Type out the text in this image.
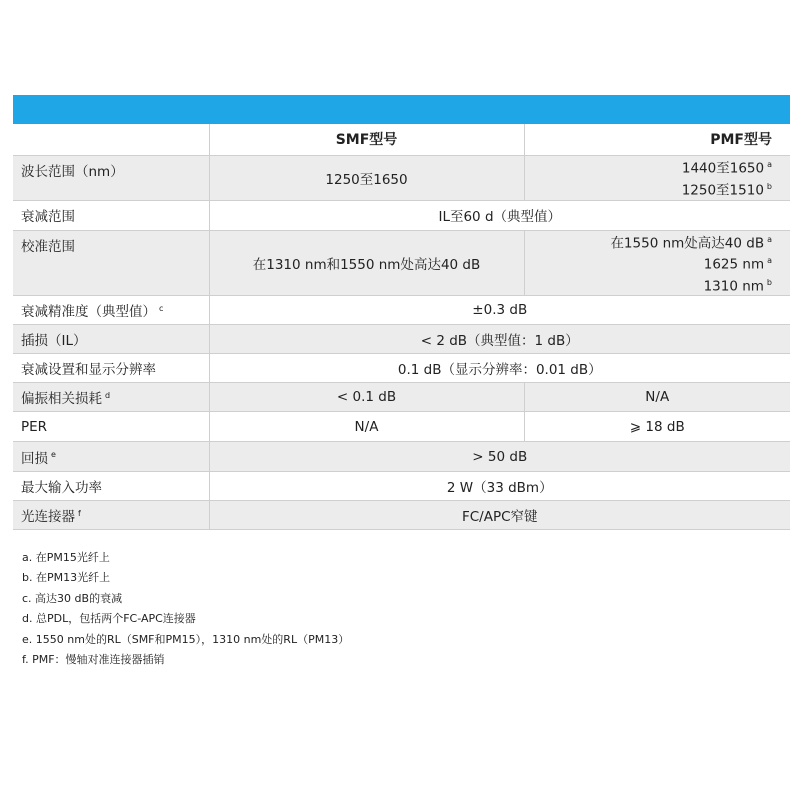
	SMF型号	PMF型号
波长范围（nm）	1250至1650	1440至1650 $^a$
1250至1510 $^b$

衰减范围	IL至60 d（典型值）	
校准范围	在1310 nm和1550 nm处高达40 dB	在1550 nm处高达40 dB $^a$
1625 nm $^a$
1310 nm $^b$

衰减精准度（典型值） $^c$	±0.3 dB	
插损（IL）	< 2 dB（典型值：1 dB）	
衰减设置和显示分辨率	0.1 dB（显示分辨率：0.01 dB）	
偏振相关损耗 $^d$	< 0.1 dB	N/A
PER	N/A	⩾ 18 dB
回损 $^e$	> 50 dB	
最大输入功率	2 W（33 dBm）	
光连接器 $^f$	FC/APC窄键	
a. 在PM15光纤上
b. 在PM13光纤上
c. 高达30 dB的衰减
d. 总PDL，包括两个FC-APC连接器
e. 1550 nm处的RL（SMF和PM15），1310 nm处的RL（PM13）
f. PMF：慢轴对准连接器插销
